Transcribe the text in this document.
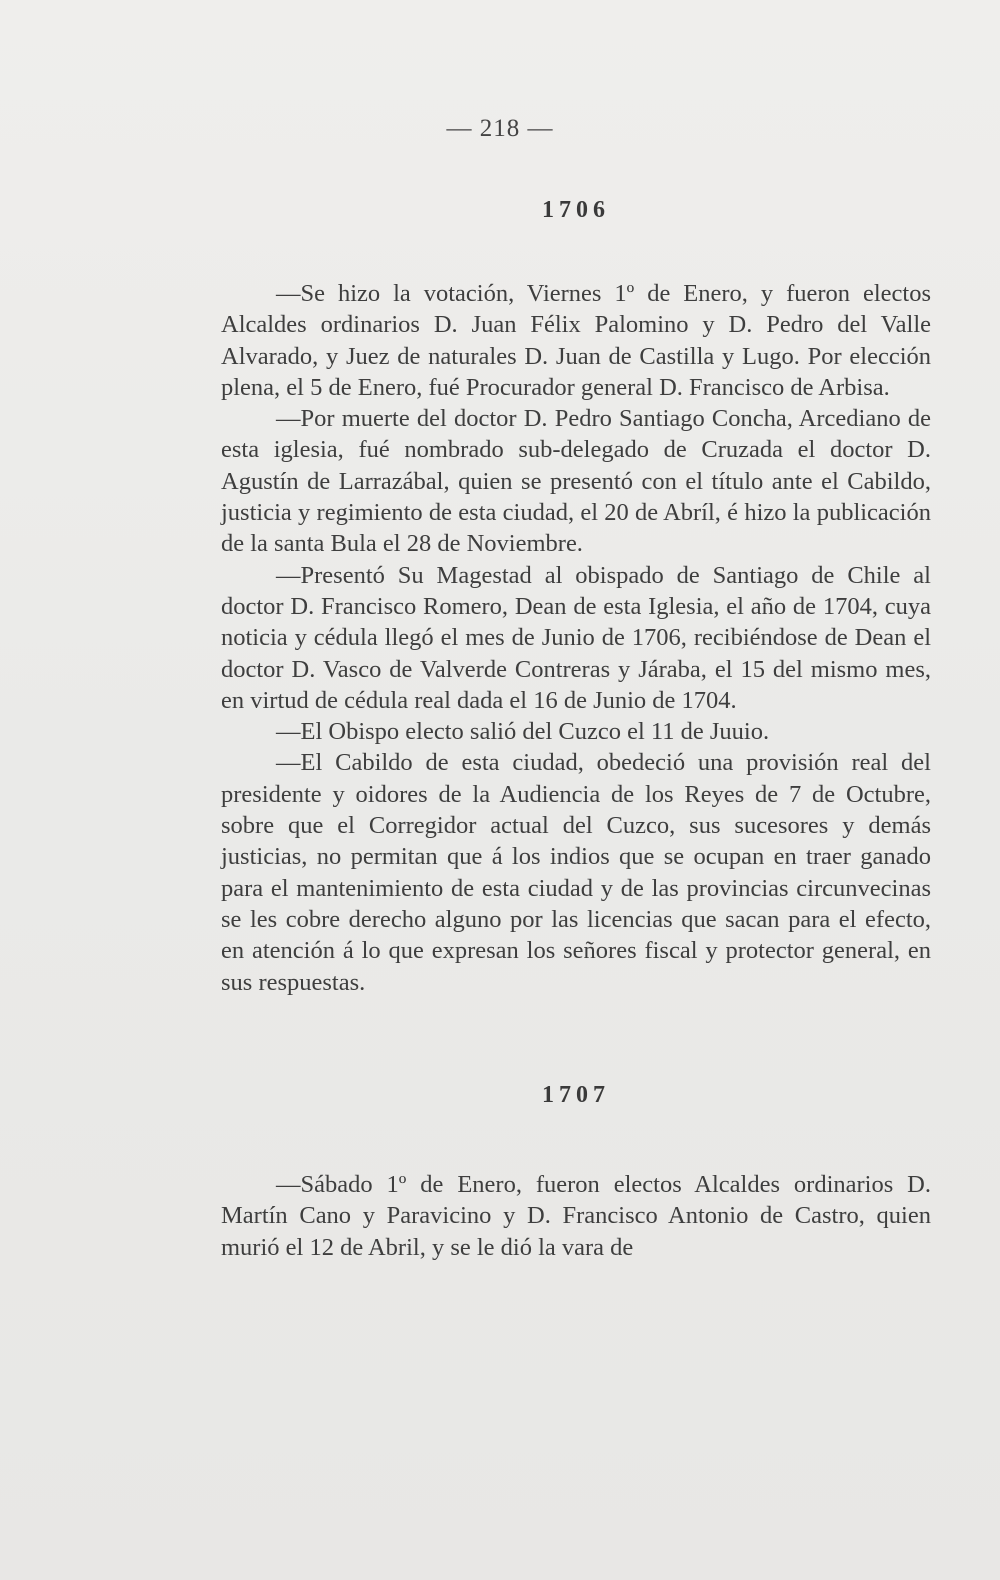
— 218 —
1706

—Se hizo la votación, Viernes 1º de Enero, y fueron electos Alcaldes ordinarios D. Juan Félix Palomino y D. Pedro del Valle Alvarado, y Juez de naturales D. Juan de Castilla y Lugo. Por elección plena, el 5 de Enero, fué Procurador general D. Francisco de Arbisa.

—Por muerte del doctor D. Pedro Santiago Concha, Arcediano de esta iglesia, fué nombrado sub-delegado de Cruzada el doctor D. Agustín de Larrazábal, quien se presentó con el título ante el Cabildo, justicia y regimiento de esta ciudad, el 20 de Abríl, é hizo la publicación de la santa Bula el 28 de Noviembre.

—Presentó Su Magestad al obispado de Santiago de Chile al doctor D. Francisco Romero, Dean de esta Iglesia, el año de 1704, cuya noticia y cédula llegó el mes de Junio de 1706, recibiéndose de Dean el doctor D. Vasco de Valverde Contreras y Járaba, el 15 del mismo mes, en virtud de cédula real dada el 16 de Junio de 1704.

—El Obispo electo salió del Cuzco el 11 de Juuio.

—El Cabildo de esta ciudad, obedeció una provisión real del presidente y oidores de la Audiencia de los Reyes de 7 de Octubre, sobre que el Corregidor actual del Cuzco, sus sucesores y demás justicias, no permitan que á los indios que se ocupan en traer ganado para el mantenimiento de esta ciudad y de las provincias circunvecinas se les cobre derecho alguno por las licencias que sacan para el efecto, en atención á lo que expresan los señores fiscal y protector general, en sus respuestas.

1707

—Sábado 1º de Enero, fueron electos Alcaldes ordinarios D. Martín Cano y Paravicino y D. Francisco Antonio de Castro, quien murió el 12 de Abril, y se le dió la vara de
